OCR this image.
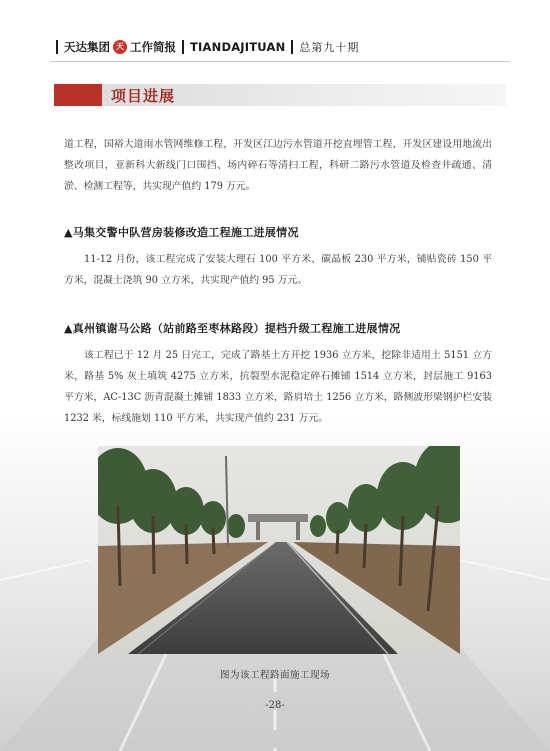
天达集团 天 工作简报 TIANDAJITUAN 总第九十期
项目进展
道工程，国裕大道雨水管网维修工程，开发区江边污水管道开挖直埋管工程，开发区建设用地流出整改项目，亚新科大新线门口围挡、场内碎石等清扫工程，科研二路污水管道及检查井疏通、清淤、检测工程等，共实现产值约 179 万元。
▲马集交警中队营房装修改造工程施工进展情况
11-12 月份，该工程完成了安装大理石 100 平方米、碳晶板 230 平方米，铺贴瓷砖 150 平方米，混凝土浇筑 90 立方米，共实现产值约 95 万元。
▲真州镇谢马公路（站前路至枣林路段）提档升级工程施工进展情况
该工程已于 12 月 25 日完工，完成了路基土方开挖 1936 立方米，挖除非适用土 5151 立方米，路基 5% 灰土填筑 4275 立方米，抗裂型水泥稳定碎石摊铺 1514 立方米，封层施工 9163 平方米，AC-13C 沥青混凝土摊铺 1833 立方米，路肩培土 1256 立方米，路侧波形梁钢护栏安装 1232 米，标线施划 110 平方米，共实现产值约 231 万元。
图为该工程路面施工现场
-28-
